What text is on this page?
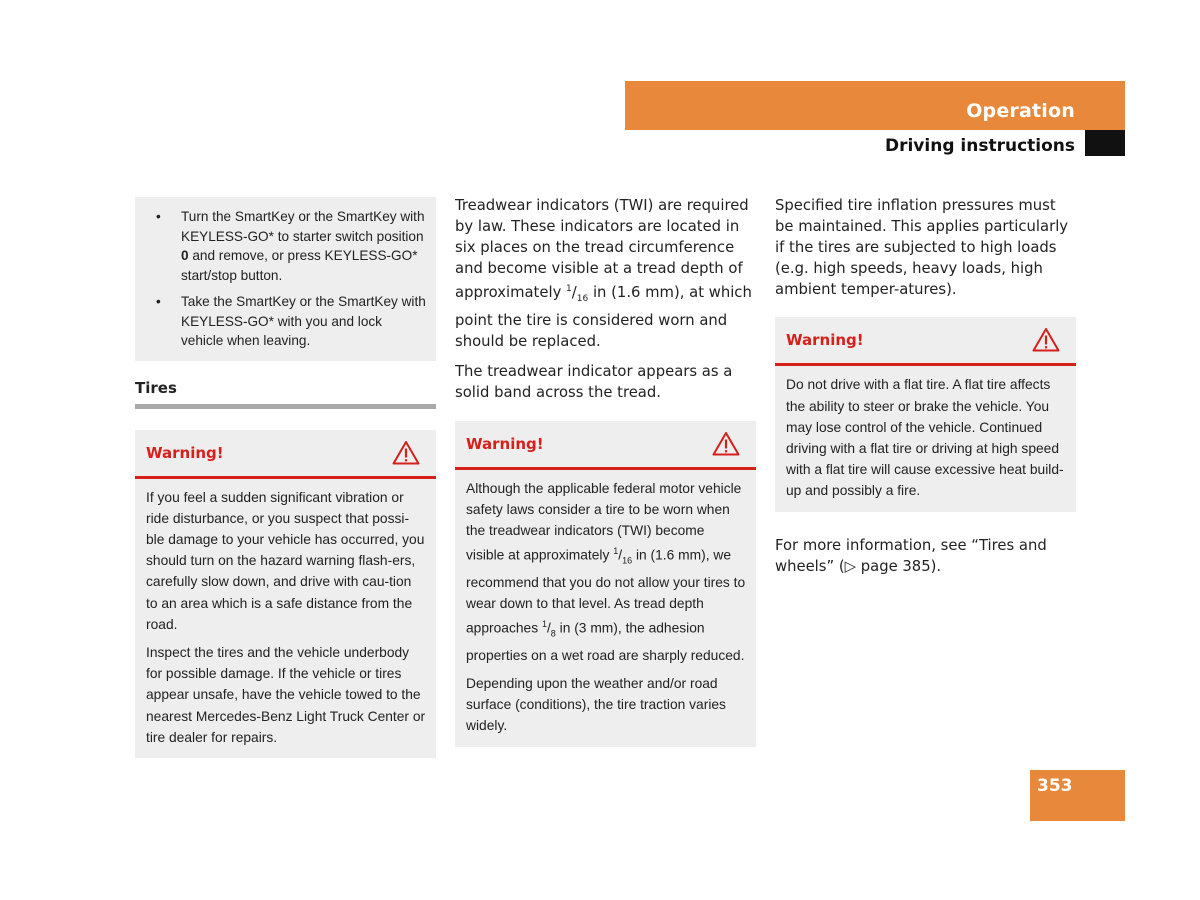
Operation
Driving instructions
• Turn the SmartKey or the SmartKey with KEYLESS-GO* to starter switch position 0 and remove, or press KEYLESS-GO* start/stop button.
• Take the SmartKey or the SmartKey with KEYLESS-GO* with you and lock vehicle when leaving.
Tires
Warning!

If you feel a sudden significant vibration or ride disturbance, or you suspect that possi-ble damage to your vehicle has occurred, you should turn on the hazard warning flash-ers, carefully slow down, and drive with cau-tion to an area which is a safe distance from the road.

Inspect the tires and the vehicle underbody for possible damage. If the vehicle or tires appear unsafe, have the vehicle towed to the nearest Mercedes-Benz Light Truck Center or tire dealer for repairs.

Treadwear indicators (TWI) are required by law. These indicators are located in six places on the tread circumference and become visible at a tread depth of approximately $^1/_{16}$ in (1.6 mm), at which point the tire is considered worn and should be replaced.

The treadwear indicator appears as a solid band across the tread.

Warning!

Although the applicable federal motor vehicle safety laws consider a tire to be worn when the treadwear indicators (TWI) become visible at approximately $^1/_{16}$ in (1.6 mm), we recommend that you do not allow your tires to wear down to that level. As tread depth approaches $^1/_8$ in (3 mm), the adhesion properties on a wet road are sharply reduced.

Depending upon the weather and/or road surface (conditions), the tire traction varies widely.

Specified tire inflation pressures must be maintained. This applies particularly if the tires are subjected to high loads (e.g. high speeds, heavy loads, high ambient temper-atures).

Warning!

Do not drive with a flat tire. A flat tire affects the ability to steer or brake the vehicle. You may lose control of the vehicle. Continued driving with a flat tire or driving at high speed with a flat tire will cause excessive heat build-up and possibly a fire.

For more information, see “Tires and wheels” (▷ page 385).

353
